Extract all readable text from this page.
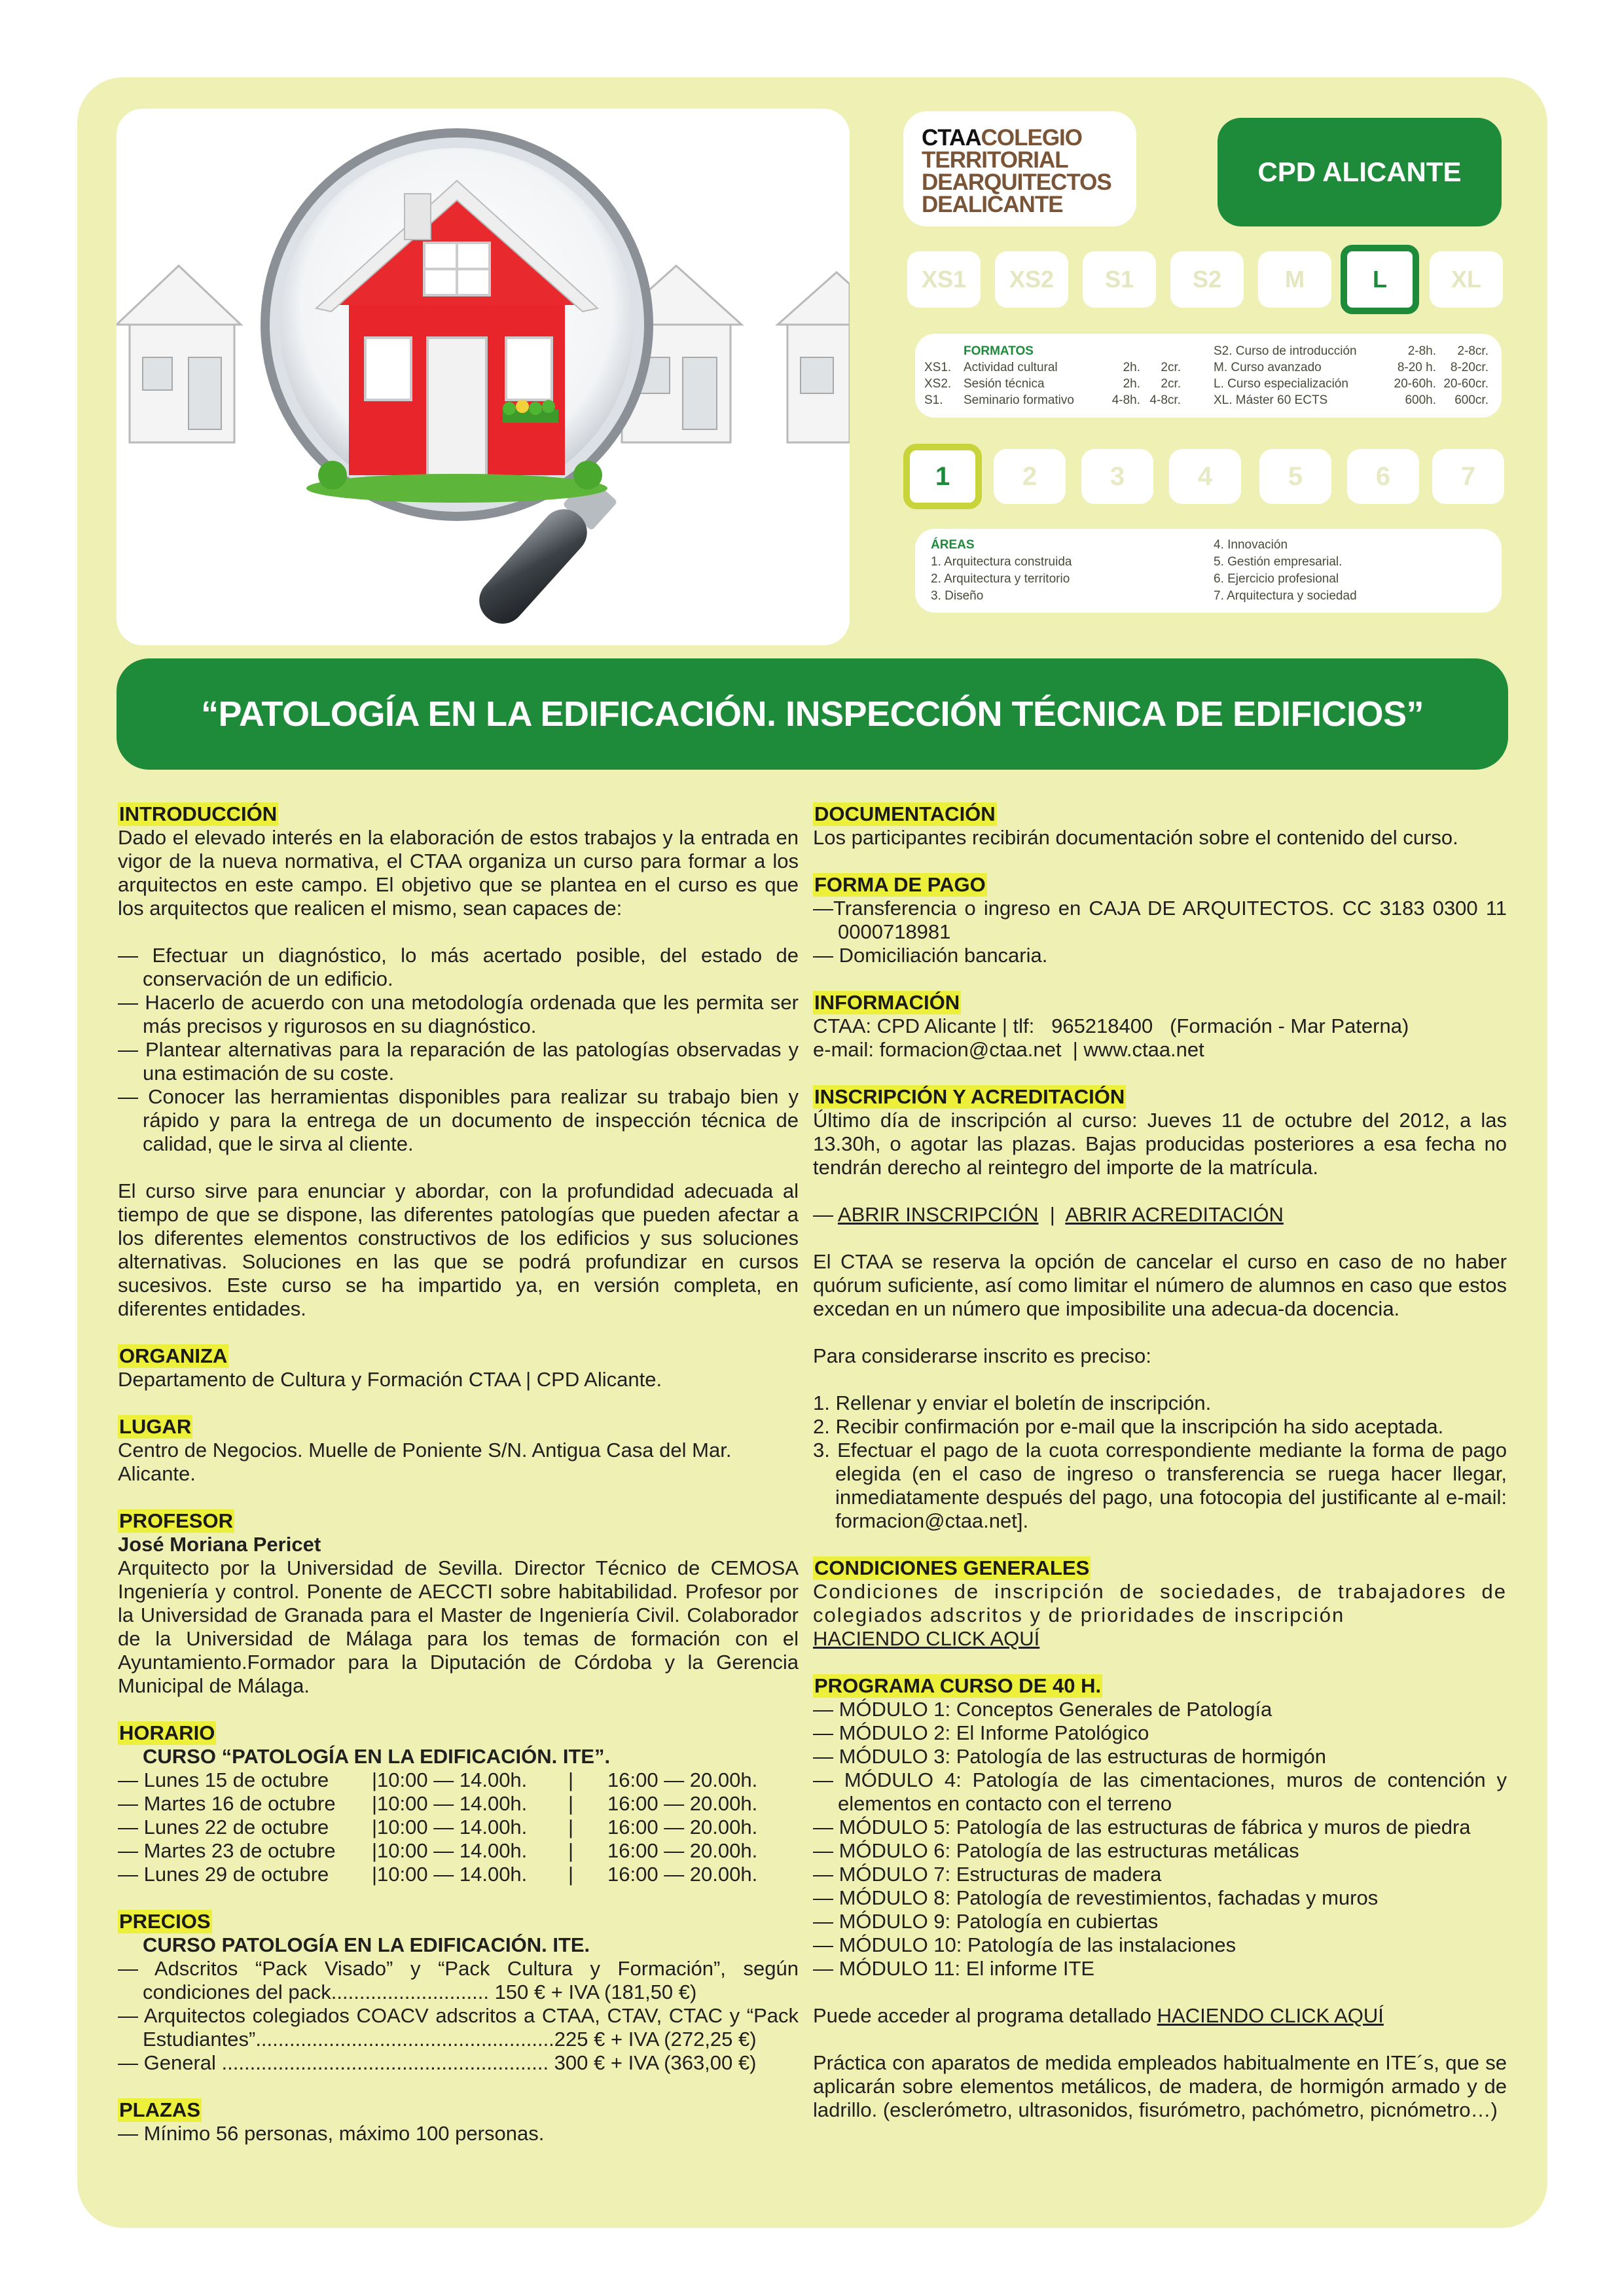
CTAACOLEGIO
TERRITORIAL
DEARQUITECTOS
DEALICANTE
CPD ALICANTE
XS1	XS2	S1	S2	M	L	XL
FORMATOS
XS1. Actividad cultural	2h.	2cr.
XS2. Sesión técnica	2h.	2cr.
S1.	Seminario formativo	4-8h. 4-8cr.
S2. Curso de introducción	2-8h.	2-8cr.
M. Curso avanzado	8-20 h.	8-20cr.
L. Curso especialización	20-60h. 20-60cr.
XL. Máster 60 ECTS	600h.	600cr.
1	2	3	4	5	6	7
ÁREAS
1. Arquitectura construida
2. Arquitectura y territorio
3. Diseño
4. Innovación
5. Gestión empresarial.
6. Ejercicio profesional
7. Arquitectura y sociedad
“PATOLOGÍA EN LA EDIFICACIÓN. INSPECCIÓN TÉCNICA DE EDIFICIOS”
INTRODUCCIÓN

Dado el elevado interés en la elaboración de estos trabajos y la entrada en vigor de la nueva normativa, el CTAA organiza un curso para formar a los arquitectos en este campo. El objetivo que se plantea en el curso es que los arquitectos que realicen el mismo, sean capaces de:

— Efectuar un diagnóstico, lo más acertado posible, del estado de conservación de un edificio.

— Hacerlo de acuerdo con una metodología ordenada que les permita ser más precisos y rigurosos en su diagnóstico.

— Plantear alternativas para la reparación de las patologías observadas y una estimación de su coste.

— Conocer las herramientas disponibles para realizar su trabajo bien y rápido y para la entrega de un documento de inspección técnica de calidad, que le sirva al cliente.

El curso sirve para enunciar y abordar, con la profundidad adecuada al tiempo de que se dispone, las diferentes patologías que pueden afectar a los diferentes elementos constructivos de los edificios y sus soluciones alternativas. Soluciones en las que se podrá profundizar en cursos sucesivos. Este curso se ha impartido ya, en versión completa, en diferentes entidades.

ORGANIZA

Departamento de Cultura y Formación CTAA | CPD Alicante.

LUGAR

Centro de Negocios. Muelle de Poniente S/N. Antigua Casa del Mar. Alicante.

PROFESOR

José Moriana Pericet

Arquitecto por la Universidad de Sevilla. Director Técnico de CEMOSA Ingeniería y control. Ponente de AECCTI sobre habitabilidad. Profesor por la Universidad de Granada para el Master de Ingeniería Civil. Colaborador de la Universidad de Málaga para los temas de formación con el Ayuntamiento.Formador para la Diputación de Córdoba y la Gerencia Municipal de Málaga.

HORARIO

CURSO “PATOLOGÍA EN LA EDIFICACIÓN. ITE”.

— Lunes 15 de octubre	|10:00 — 14.00h.	|	16:00 — 20.00h.
— Martes 16 de octubre	|10:00 — 14.00h.	|	16:00 — 20.00h.
— Lunes 22 de octubre	|10:00 — 14.00h.	|	16:00 — 20.00h.
— Martes 23 de octubre	|10:00 — 14.00h.	|	16:00 — 20.00h.
— Lunes 29 de octubre	|10:00 — 14.00h.	|	16:00 — 20.00h.
PRECIOS

CURSO PATOLOGÍA EN LA EDIFICACIÓN. ITE.

— Adscritos “Pack Visado” y “Pack Cultura y Formación”, según condiciones del pack............................ 150 € + IVA (181,50 €)

— Arquitectos colegiados COACV adscritos a CTAA, CTAV, CTAC y “Pack Estudiantes”.....................................................225 € + IVA (272,25 €)

— General .......................................................... 300 € + IVA (363,00 €)

PLAZAS

— Mínimo 56 personas, máximo 100 personas.

DOCUMENTACIÓN

Los participantes recibirán documentación sobre el contenido del curso.

FORMA DE PAGO

—Transferencia o ingreso en CAJA DE ARQUITECTOS. CC 3183 0300 11 0000718981

— Domiciliación bancaria.

INFORMACIÓN

CTAA: CPD Alicante | tlf:   965218400   (Formación - Mar Paterna)

e-mail: formacion@ctaa.net  | www.ctaa.net

INSCRIPCIÓN Y ACREDITACIÓN

Último día de inscripción al curso: Jueves 11 de octubre del 2012, a las 13.30h, o agotar las plazas. Bajas producidas posteriores a esa fecha no tendrán derecho al reintegro del importe de la matrícula.

— ABRIR INSCRIPCIÓN  |  ABRIR ACREDITACIÓN

El CTAA se reserva la opción de cancelar el curso en caso de no haber quórum suficiente, así como limitar el número de alumnos en caso que estos excedan en un número que imposibilite una adecua-da docencia.

Para considerarse inscrito es preciso:

1. Rellenar y enviar el boletín de inscripción.

2. Recibir confirmación por e-mail que la inscripción ha sido aceptada.

3. Efectuar el pago de la cuota correspondiente mediante la forma de pago elegida (en el caso de ingreso o transferencia se ruega hacer llegar, inmediatamente después del pago, una fotocopia del justificante al e-mail: formacion@ctaa.net].

CONDICIONES GENERALES

Condiciones de inscripción de sociedades, de trabajadores de colegiados adscritos y de prioridades de inscripción

HACIENDO CLICK AQUÍ

PROGRAMA CURSO DE 40 H.

— MÓDULO 1: Conceptos Generales de Patología

— MÓDULO 2: El Informe Patológico

— MÓDULO 3: Patología de las estructuras de hormigón

— MÓDULO 4: Patología de las cimentaciones, muros de contención y elementos en contacto con el terreno

— MÓDULO 5: Patología de las estructuras de fábrica y muros de piedra

— MÓDULO 6: Patología de las estructuras metálicas

— MÓDULO 7: Estructuras de madera

— MÓDULO 8: Patología de revestimientos, fachadas y muros

— MÓDULO 9: Patología en cubiertas

— MÓDULO 10: Patología de las instalaciones

— MÓDULO 11: El informe ITE

Puede acceder al programa detallado HACIENDO CLICK AQUÍ

Práctica con aparatos de medida empleados habitualmente en ITE´s, que se aplicarán sobre elementos metálicos, de madera, de hormigón armado y de ladrillo. (esclerómetro, ultrasonidos, fisurómetro, pachómetro, picnómetro…)
